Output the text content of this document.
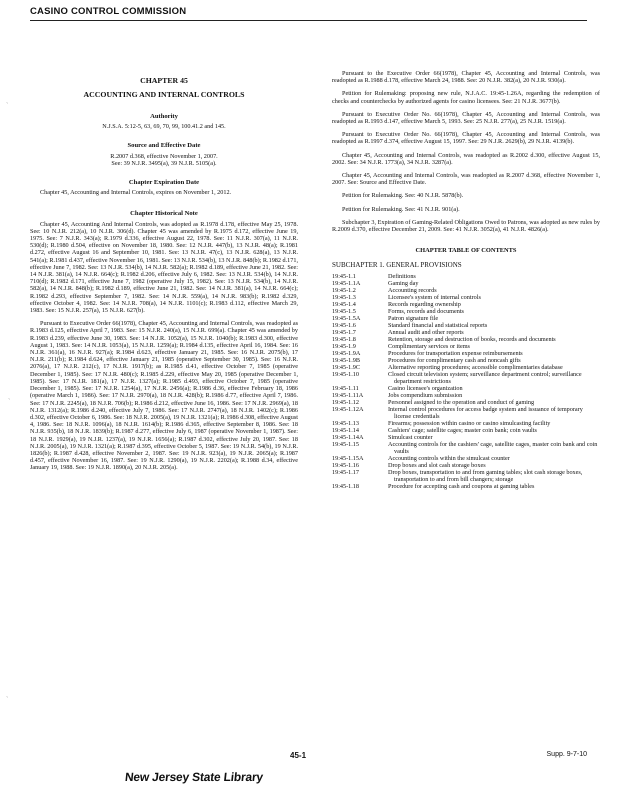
CASINO CONTROL COMMISSION
ˎ
ˏ
ˎ
CHAPTER 45
ACCOUNTING AND INTERNAL CONTROLS
Authority
N.J.S.A. 5:12-5, 63, 69, 70, 99, 100.41.2 and 145.
Source and Effective Date
R.2007 d.368, effective November 1, 2007.
See: 39 N.J.R. 3495(a), 39 N.J.R. 5105(a).
Chapter Expiration Date
Chapter 45, Accounting and Internal Controls, expires on November 1, 2012.
Chapter Historical Note
Chapter 45, Accounting And Internal Controls, was adopted as R.1978 d.178, effective May 25, 1978. See: 10 N.J.R. 212(a), 10 N.J.R. 306(d). Chapter 45 was amended by R.1975 d.172, effective June 19, 1975. See: 7 N.J.R. 343(a); R.1979 d.336, effective August 22, 1978. See: 11 N.J.R. 307(a), 11 N.J.R. 530(d); R.1980 d.504, effective on November 18, 1980. See: 12 N.J.R. 447(b), 13 N.J.R. 48(a); R.1981 d.272, effective August 16 and September 10, 1981. See: 13 N.J.R. 47(c), 13 N.J.R. 628(a), 13 N.J.R. 541(a); R.1981 d.437, effective November 16, 1981. See: 13 N.J.R. 534(b), 13 N.J.R. 848(b); R.1982 d.171, effective June 7, 1982. See: 13 N.J.R. 534(b), 14 N.J.R. 582(a); R.1982 d.189, effective June 21, 1982. See: 14 N.J.R. 381(a), 14 N.J.R. 664(c); R.1982 d.206, effective July 6, 1982. See: 13 N.J.R. 534(b), 14 N.J.R. 710(d); R.1982 d.171, effective June 7, 1982 (operative July 15, 1982). See: 13 N.J.R. 534(b), 14 N.J.R. 582(a), 14 N.J.R. 848(b); R.1982 d.189, effective June 21, 1982. See: 14 N.J.R. 381(a), 14 N.J.R. 664(c); R.1982 d.293, effective September 7, 1982. See: 14 N.J.R. 559(a), 14 N.J.R. 983(b); R.1982 d.329, effective October 4, 1982. See: 14 N.J.R. 708(a), 14 N.J.R. 1101(c); R.1983 d.112, effective March 29, 1983. See: 15 N.J.R. 257(a), 15 N.J.R. 627(b).
Pursuant to Executive Order 66(1978), Chapter 45, Accounting and Internal Controls, was readopted as R.1983 d.125, effective April 7, 1983. See: 15 N.J.R. 240(a), 15 N.J.R. 699(a). Chapter 45 was amended by R.1983 d.239, effective June 30, 1983. See: 14 N.J.R. 1052(a), 15 N.J.R. 1040(b); R.1983 d.300, effective August 1, 1983. See: 14 N.J.R. 1053(a), 15 N.J.R. 1259(a); R.1984 d.135, effective April 16, 1984. See: 16 N.J.R. 361(a), 16 N.J.R. 927(a); R.1984 d.623, effective January 21, 1985. See: 16 N.J.R. 2075(b), 17 N.J.R. 211(b); R.1984 d.624, effective January 21, 1985 (operative September 30, 1985). See: 16 N.J.R. 2076(a), 17 N.J.R. 212(c), 17 N.J.R. 1917(b); as R.1985 d.41, effective October 7, 1985 (operative December 1, 1985). See: 17 N.J.R. 480(c); R.1985 d.229, effective May 20, 1985 (operative December 1, 1985). See: 17 N.J.R. 181(a), 17 N.J.R. 1327(a); R.1985 d.493, effective October 7, 1985 (operative December 1, 1985). See: 17 N.J.R. 1254(a), 17 N.J.R. 2456(a); R.1986 d.36, effective February 18, 1986 (operative March 1, 1986). See: 17 N.J.R. 2970(a), 18 N.J.R. 428(b); R.1986 d.77, effective April 7, 1986. See: 17 N.J.R. 2245(a), 18 N.J.R. 706(b); R.1986 d.212, effective June 16, 1986. See: 17 N.J.R. 2969(a), 18 N.J.R. 1312(a); R.1986 d.240, effective July 7, 1986. See: 17 N.J.R. 2747(a), 18 N.J.R. 1402(c); R.1986 d.302, effective October 6, 1986. See: 18 N.J.R. 2005(a), 19 N.J.R. 1321(a); R.1986 d.308, effective August 4, 1986. See: 18 N.J.R. 1096(a), 18 N.J.R. 1614(b); R.1986 d.365, effective September 8, 1986. See: 18 N.J.R. 935(b), 18 N.J.R. 1839(b); R.1987 d.277, effective July 6, 1987 (operative November 1, 1987). See: 18 N.J.R. 1929(a), 19 N.J.R. 1237(a), 19 N.J.R. 1656(a); R.1987 d.302, effective July 20, 1987. See: 18 N.J.R. 2005(a), 19 N.J.R. 1321(a); R.1987 d.395, effective October 5, 1987. See: 19 N.J.R. 54(b), 19 N.J.R. 1826(b); R.1987 d.428, effective November 2, 1987. See: 19 N.J.R. 923(a), 19 N.J.R. 2065(a); R.1987 d.457, effective November 16, 1987. See: 19 N.J.R. 1290(a), 19 N.J.R. 2202(a); R.1988 d.34, effective January 19, 1988. See: 19 N.J.R. 1890(a), 20 N.J.R. 205(a).
Pursuant to the Executive Order 66(1978), Chapter 45, Accounting and Internal Controls, was readopted as R.1988 d.178, effective March 24, 1988. See: 20 N.J.R. 382(a), 20 N.J.R. 930(a).
Petition for Rulemaking: proposing new rule, N.J.A.C. 19:45-1.26A, regarding the redemption of checks and counterchecks by authorized agents for casino licensees. See: 21 N.J.R. 3677(b).
Pursuant to Executive Order No. 66(1978), Chapter 45, Accounting and Internal Controls, was readopted as R.1993 d.147, effective March 5, 1993. See: 25 N.J.R. 277(a), 25 N.J.R. 1519(a).
Pursuant to Executive Order No. 66(1978), Chapter 45, Accounting and Internal Controls, was readopted as R.1997 d.374, effective August 15, 1997. See: 29 N.J.R. 2629(b), 29 N.J.R. 4139(b).
Chapter 45, Accounting and Internal Controls, was readopted as R.2002 d.300, effective August 15, 2002. See: 34 N.J.R. 1773(a), 34 N.J.R. 3287(a).
Chapter 45, Accounting and Internal Controls, was readopted as R.2007 d.368, effective November 1, 2007. See: Source and Effective Date.
Petition for Rulemaking. See: 40 N.J.R. 5878(b).
Petition for Rulemaking. See: 41 N.J.R. 901(a).
Subchapter 3, Expiration of Gaming-Related Obligations Owed to Patrons, was adopted as new rules by R.2009 d.370, effective December 21, 2009. See: 41 N.J.R. 3052(a), 41 N.J.R. 4826(a).
CHAPTER TABLE OF CONTENTS
SUBCHAPTER 1. GENERAL PROVISIONS
19:45-1.1	Definitions
19:45-1.1A	Gaming day
19:45-1.2	Accounting records
19:45-1.3	Licensee's system of internal controls
19:45-1.4	Records regarding ownership
19:45-1.5	Forms, records and documents
19:45-1.5A	Patron signature file
19:45-1.6	Standard financial and statistical reports
19:45-1.7	Annual audit and other reports
19:45-1.8	Retention, storage and destruction of books, records and documents
19:45-1.9	Complimentary services or items
19:45-1.9A	Procedures for transportation expense reimbursements
19:45-1.9B	Procedures for complimentary cash and noncash gifts
19:45-1.9C	Alternative reporting procedures; accessible complimentaries database
19:45-1.10	Closed circuit television system; surveillance department control; surveillance department restrictions
19:45-1.11	Casino licensee's organization
19:45-1.11A	Jobs compendium submission
19:45-1.12	Personnel assigned to the operation and conduct of gaming
19:45-1.12A	Internal control procedures for access badge system and issuance of temporary license credentials
19:45-1.13	Firearms; possession within casino or casino simulcasting facility
19:45-1.14	Cashiers' cage; satellite cages; master coin bank; coin vaults
19:45-1.14A	Simulcast counter
19:45-1.15	Accounting controls for the cashiers' cage, satellite cages, master coin bank and coin vaults
19:45-1.15A	Accounting controls within the simulcast counter
19:45-1.16	Drop boxes and slot cash storage boxes
19:45-1.17	Drop boxes, transportation to and from gaming tables; slot cash storage boxes, transportation to and from bill changers; storage
19:45-1.18	Procedure for accepting cash and coupons at gaming tables
45-1	Supp. 9-7-10
New Jersey State Library
